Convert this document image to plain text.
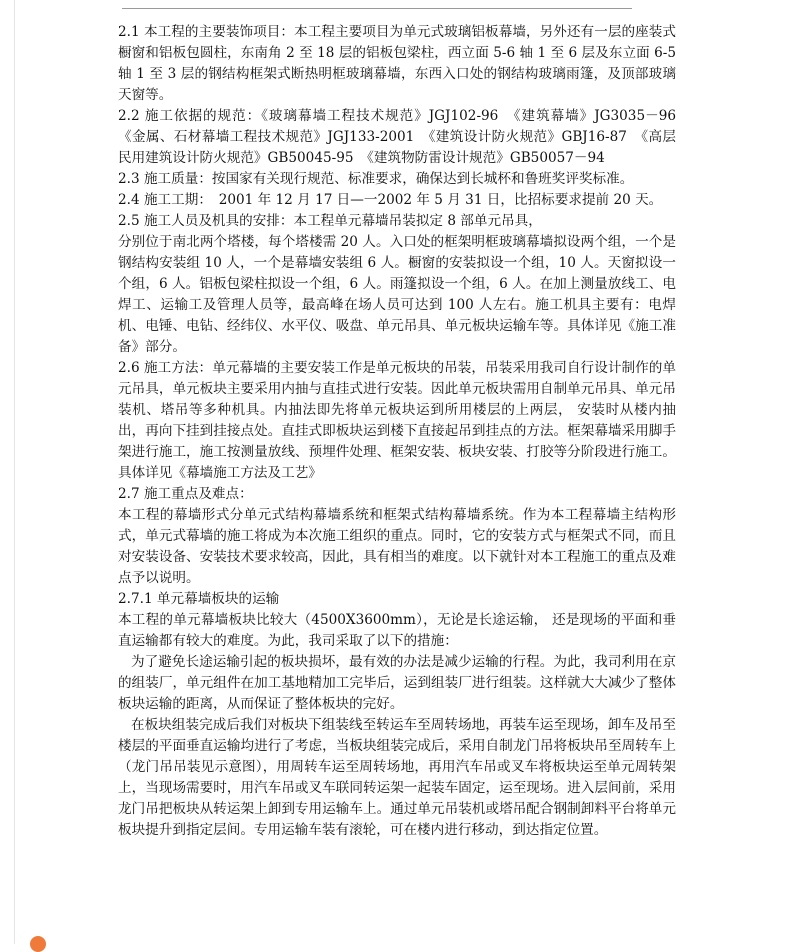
2.1 本工程的主要装饰项目：本工程主要项目为单元式玻璃铝板幕墙，另外还有一层的座装式橱窗和铝板包圆柱，东南角 2 至 18 层的铝板包梁柱，西立面 5-6 轴 1 至 6 层及东立面 6-5 轴 1 至 3 层的钢结构框架式断热明框玻璃幕墙，东西入口处的钢结构玻璃雨篷，及顶部玻璃天窗等。

2.2 施工依据的规范：《玻璃幕墙工程技术规范》JGJ102-96　《建筑幕墙》JG3035－96　《金属、石材幕墙工程技术规范》JGJ133-2001　《建筑设计防火规范》GBJ16-87　《高层民用建筑设计防火规范》GB50045-95　《建筑物防雷设计规范》GB50057－94

2.3 施工质量：按国家有关现行规范、标准要求，确保达到长城杯和鲁班奖评奖标准。

2.4 施工工期：　2001 年 12 月 17 日—一2002 年 5 月 31 日，比招标要求提前 20 天。

2.5 施工人员及机具的安排：本工程单元幕墙吊装拟定 8 部单元吊具，

分别位于南北两个塔楼，每个塔楼需 20 人。入口处的框架明框玻璃幕墙拟设两个组，一个是钢结构安装组 10 人，一个是幕墙安装组 6 人。橱窗的安装拟设一个组，10 人。天窗拟设一个组，6 人。铝板包梁柱拟设一个组，6 人。雨篷拟设一个组，6 人。在加上测量放线工、电焊工、运输工及管理人员等，最高峰在场人员可达到 100 人左右。施工机具主要有：电焊机、电锤、电钻、经纬仪、水平仪、吸盘、单元吊具、单元板块运输车等。具体详见《施工准备》部分。

2.6 施工方法：单元幕墙的主要安装工作是单元板块的吊装，吊装采用我司自行设计制作的单元吊具，单元板块主要采用内抽与直挂式进行安装。因此单元板块需用自制单元吊具、单元吊装机、塔吊等多种机具。内抽法即先将单元板块运到所用楼层的上两层， 安装时从楼内抽出，再向下挂到挂接点处。直挂式即板块运到楼下直接起吊到挂点的方法。框架幕墙采用脚手架进行施工，施工按测量放线、预埋件处理、框架安装、板块安装、打胶等分阶段进行施工。具体详见《幕墙施工方法及工艺》

2.7 施工重点及难点：

本工程的幕墙形式分单元式结构幕墙系统和框架式结构幕墙系统。作为本工程幕墙主结构形式，单元式幕墙的施工将成为本次施工组织的重点。同时，它的安装方式与框架式不同，而且对安装设备、安装技术要求较高，因此，具有相当的难度。以下就针对本工程施工的重点及难点予以说明。

2.7.1 单元幕墙板块的运输

本工程的单元幕墙板块比较大（4500X3600mm），无论是长途运输， 还是现场的平面和垂直运输都有较大的难度。为此，我司采取了以下的措施：

为了避免长途运输引起的板块损坏，最有效的办法是减少运输的行程。为此，我司利用在京的组装厂，单元组件在加工基地精加工完毕后，运到组装厂进行组装。这样就大大减少了整体板块运输的距离，从而保证了整体板块的完好。

在板块组装完成后我们对板块下组装线至转运车至周转场地，再装车运至现场，卸车及吊至楼层的平面垂直运输均进行了考虑，当板块组装完成后，采用自制龙门吊将板块吊至周转车上（龙门吊吊装见示意图），用周转车运至周转场地，再用汽车吊或叉车将板块运至单元周转架上，当现场需要时，用汽车吊或叉车联同转运架一起装车固定，运至现场。进入层间前，采用龙门吊把板块从转运架上卸到专用运输车上。通过单元吊装机或塔吊配合钢制卸料平台将单元板块提升到指定层间。专用运输车装有滚轮，可在楼内进行移动，到达指定位置。
